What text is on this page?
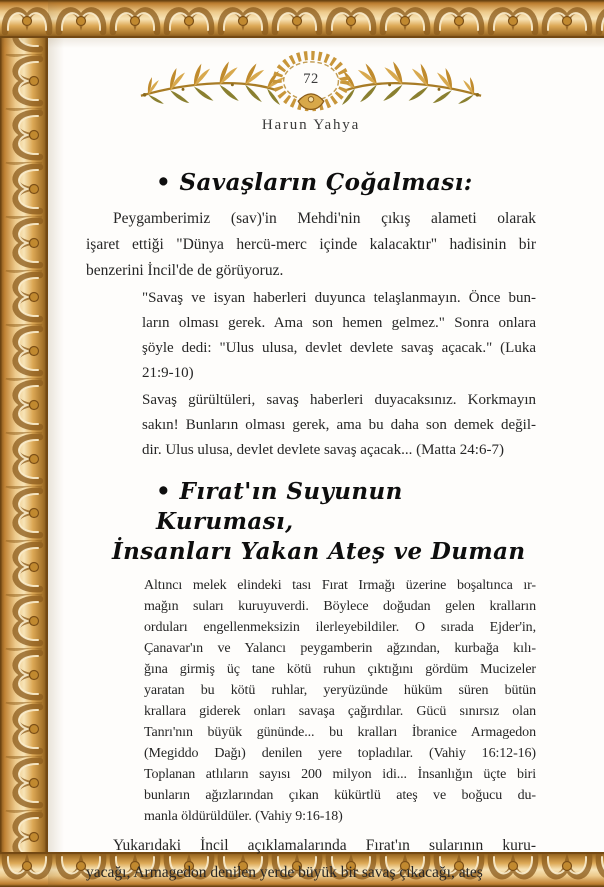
72
Harun Yahya
• Savaşların Çoğalması:
Peygamberimiz (sav)'in Mehdi'nin çıkış alameti olarak
işaret ettiği "Dünya hercü-merc içinde kalacaktır" hadisinin bir
benzerini İncil'de de görüyoruz.
"Savaş ve isyan haberleri duyunca telaşlanmayın. Önce bun-
ların olması gerek. Ama son hemen gelmez." Sonra onlara
şöyle dedi: "Ulus ulusa, devlet devlete savaş açacak." (Luka
21:9-10)
Savaş gürültüleri, savaş haberleri duyacaksınız. Korkmayın
sakın! Bunların olması gerek, ama bu daha son demek değil-
dir. Ulus ulusa, devlet devlete savaş açacak... (Matta 24:6-7)
• Fırat'ın Suyunun Kuruması,
İnsanları Yakan Ateş ve Duman
Altıncı melek elindeki tası Fırat Irmağı üzerine boşaltınca ır-
mağın suları kuruyuverdi. Böylece doğudan gelen kralların
orduları engellenmeksizin ilerleyebildiler. O sırada Ejder'in,
Çanavar'ın ve Yalancı peygamberin ağzından, kurbağa kılı-
ğına girmiş üç tane kötü ruhun çıktığını gördüm Mucizeler
yaratan bu kötü ruhlar, yeryüzünde hüküm süren bütün
krallara giderek onları savaşa çağırdılar. Gücü sınırsız olan
Tanrı'nın büyük gününde... bu kralları İbranice Armagedon
(Megiddo Dağı) denilen yere topladılar. (Vahiy 16:12-16)
Toplanan atlıların sayısı 200 milyon idi... İnsanlığın üçte biri
bunların ağızlarından çıkan kükürtlü ateş ve boğucu du-
manla öldürüldüler. (Vahiy 9:16-18)
Yukarıdaki İncil açıklamalarında Fırat'ın sularının kuru-
yacağı, Armagedon denilen yerde büyük bir savaş çıkacağı, ateş
